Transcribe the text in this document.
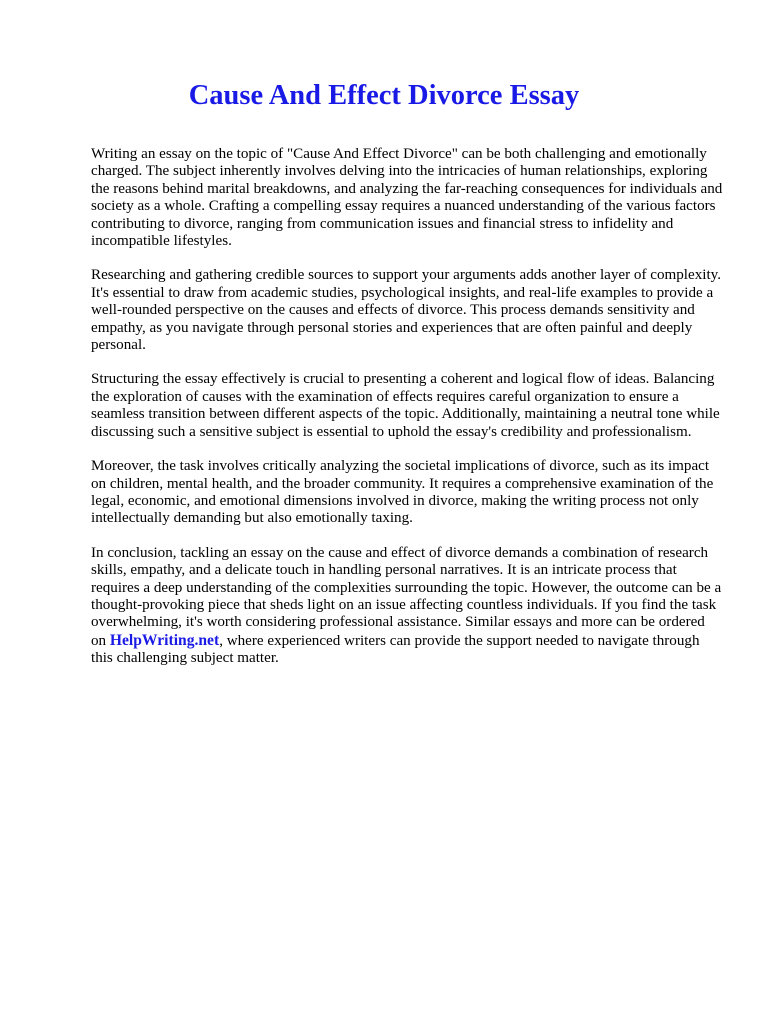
Cause And Effect Divorce Essay

Writing an essay on the topic of "Cause And Effect Divorce" can be both challenging and emotionally charged. The subject inherently involves delving into the intricacies of human relationships, exploring the reasons behind marital breakdowns, and analyzing the far-reaching consequences for individuals and society as a whole. Crafting a compelling essay requires a nuanced understanding of the various factors contributing to divorce, ranging from communication issues and financial stress to infidelity and incompatible lifestyles.

Researching and gathering credible sources to support your arguments adds another layer of complexity. It's essential to draw from academic studies, psychological insights, and real-life examples to provide a well-rounded perspective on the causes and effects of divorce. This process demands sensitivity and empathy, as you navigate through personal stories and experiences that are often painful and deeply personal.

Structuring the essay effectively is crucial to presenting a coherent and logical flow of ideas. Balancing the exploration of causes with the examination of effects requires careful organization to ensure a seamless transition between different aspects of the topic. Additionally, maintaining a neutral tone while discussing such a sensitive subject is essential to uphold the essay's credibility and professionalism.

Moreover, the task involves critically analyzing the societal implications of divorce, such as its impact on children, mental health, and the broader community. It requires a comprehensive examination of the legal, economic, and emotional dimensions involved in divorce, making the writing process not only intellectually demanding but also emotionally taxing.

In conclusion, tackling an essay on the cause and effect of divorce demands a combination of research skills, empathy, and a delicate touch in handling personal narratives. It is an intricate process that requires a deep understanding of the complexities surrounding the topic. However, the outcome can be a thought-provoking piece that sheds light on an issue affecting countless individuals. If you find the task overwhelming, it's worth considering professional assistance. Similar essays and more can be ordered on HelpWriting.net, where experienced writers can provide the support needed to navigate through this challenging subject matter.
